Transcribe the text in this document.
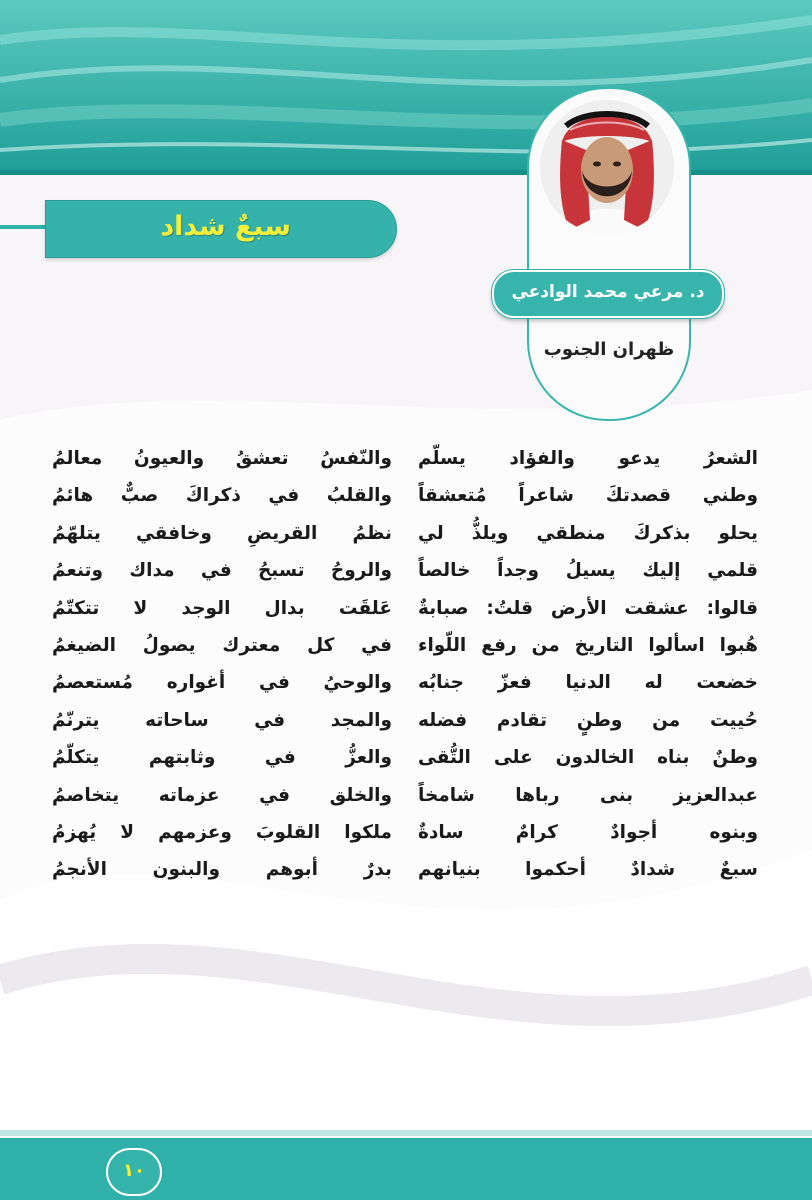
سبعٌ شداد
د. مرعي محمد الوادعي
ظهران الجنوب
الشعرُ يدعو والفؤاد يسلّم
وطني قصدتكَ شاعراً مُتعشقاً
يحلو بذكركَ منطقي ويلذُّ لي
قلمي إليك يسيلُ وجداً خالصاً
قالوا: عشقت الأرض قلتُ: صبابةٌ
هُبوا اسألوا التاريخ من رفع اللّواء
خضعت له الدنيا فعزّ جنابُه
حُييت من وطنٍ تقادم فضله
وطنٌ بناه الخالدون على التُّقى
عبدالعزيز بنى رباها شامخاً
وبنوه أجوادٌ كرامٌ سادةٌ
سبعٌ شدادٌ أحكموا بنيانهم
والنّفسُ تعشقُ والعيونُ معالمُ
والقلبُ في ذكراكَ صبٌّ هائمُ
نظمُ القريضِ وخافقي يتلهّمُ
والروحُ تسبحُ في مداك وتنعمُ
عَلقَت بدال الوجد لا تتكتّمُ
في كل معترك يصولُ الضيغمُ
والوحيُ في أغواره مُستعصمُ
والمجد في ساحاته يترنّمُ
والعزُّ في وثابتهم يتكلّمُ
والخلق في عزماته يتخاصمُ
ملكوا القلوبَ وعزمهم لا يُهزمُ
بدرٌ أبوهم والبنون الأنجمُ
١٠
